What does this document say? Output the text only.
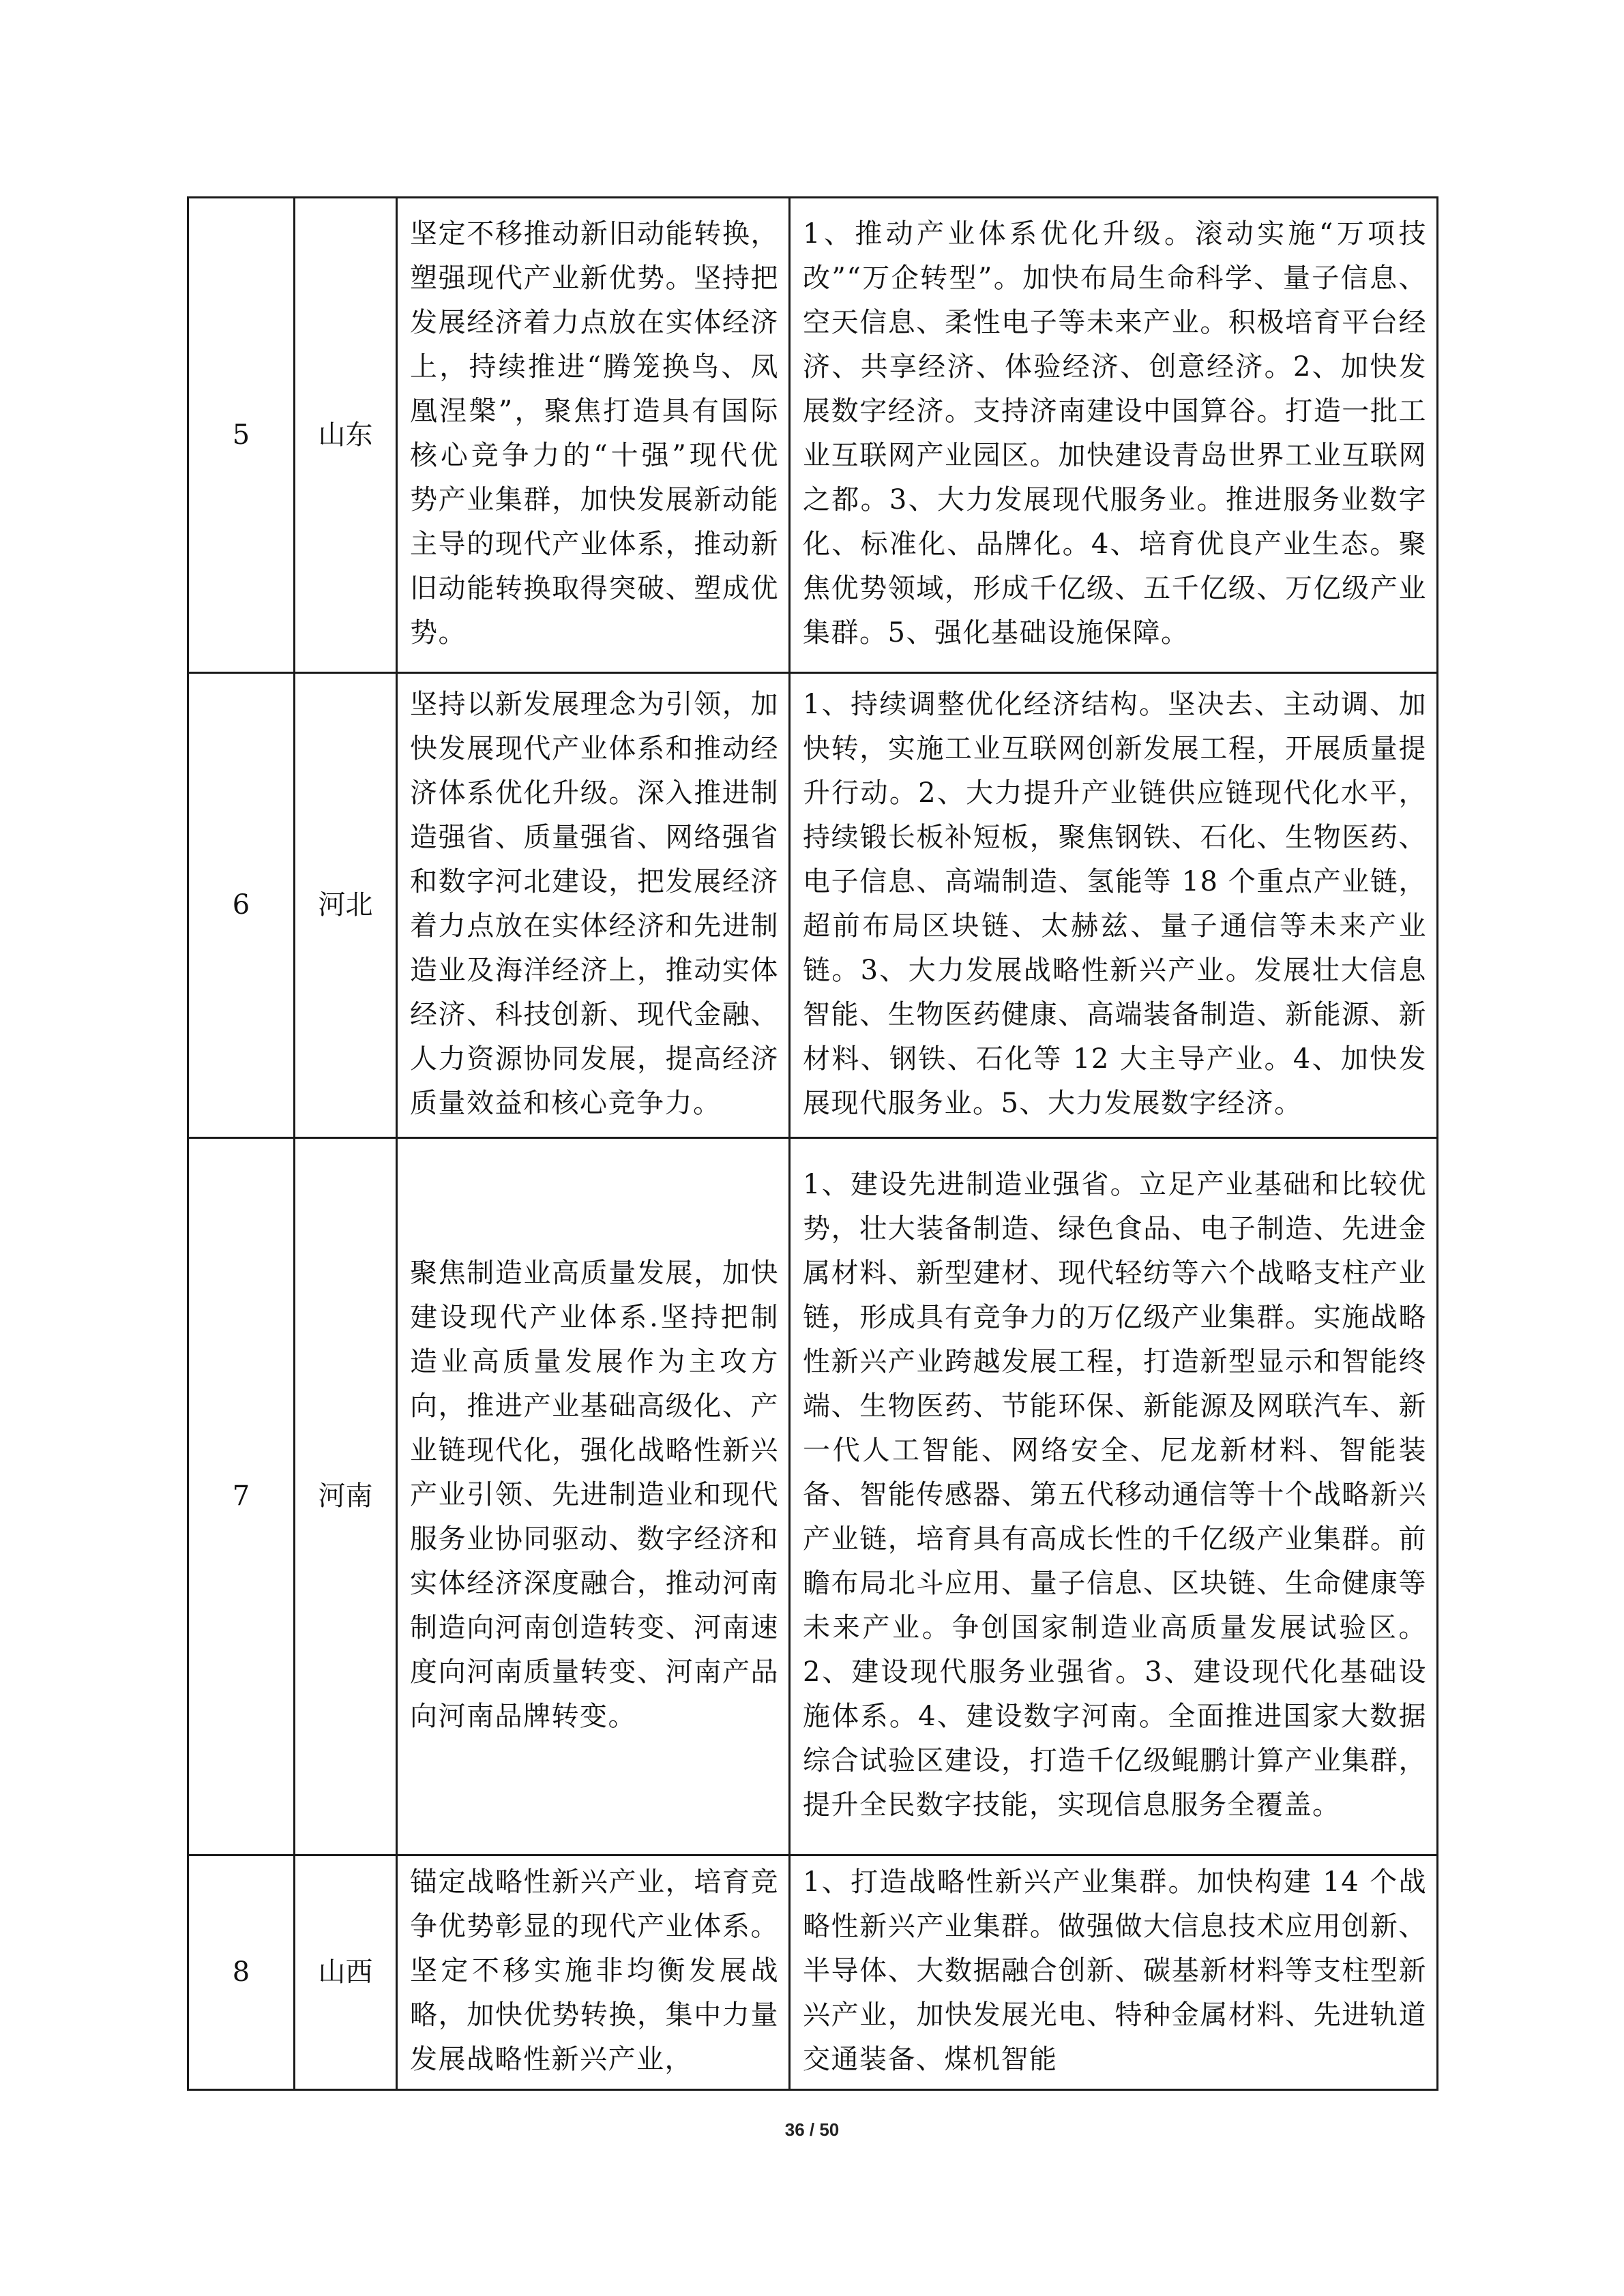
5	山东	坚定不移推动新旧动能转换，塑强现代产业新优势。坚持把发展经济着力点放在实体经济上，持续推进“腾笼换鸟、凤凰涅槃”，聚焦打造具有国际核心竞争力的“十强”现代优势产业集群，加快发展新动能主导的现代产业体系，推动新旧动能转换取得突破、塑成优势。	1、推动产业体系优化升级。滚动实施“万项技改”“万企转型”。加快布局生命科学、量子信息、空天信息、柔性电子等未来产业。积极培育平台经济、共享经济、体验经济、创意经济。2、加快发展数字经济。支持济南建设中国算谷。打造一批工业互联网产业园区。加快建设青岛世界工业互联网之都。3、大力发展现代服务业。推进服务业数字化、标准化、品牌化。4、培育优良产业生态。聚焦优势领域，形成千亿级、五千亿级、万亿级产业集群。5、强化基础设施保障。
6	河北	坚持以新发展理念为引领，加快发展现代产业体系和推动经济体系优化升级。深入推进制造强省、质量强省、网络强省和数字河北建设，把发展经济着力点放在实体经济和先进制造业及海洋经济上，推动实体经济、科技创新、现代金融、人力资源协同发展，提高经济质量效益和核心竞争力。	1、持续调整优化经济结构。坚决去、主动调、加快转，实施工业互联网创新发展工程，开展质量提升行动。2、大力提升产业链供应链现代化水平，持续锻长板补短板，聚焦钢铁、石化、生物医药、电子信息、高端制造、氢能等 18 个重点产业链，超前布局区块链、太赫兹、量子通信等未来产业链。3、大力发展战略性新兴产业。发展壮大信息智能、生物医药健康、高端装备制造、新能源、新材料、钢铁、石化等 12 大主导产业。4、加快发展现代服务业。5、大力发展数字经济。
7	河南	聚焦制造业高质量发展，加快建设现代产业体系.坚持把制造业高质量发展作为主攻方向，推进产业基础高级化、产业链现代化，强化战略性新兴产业引领、先进制造业和现代服务业协同驱动、数字经济和实体经济深度融合，推动河南制造向河南创造转变、河南速度向河南质量转变、河南产品向河南品牌转变。	1、建设先进制造业强省。立足产业基础和比较优势，壮大装备制造、绿色食品、电子制造、先进金属材料、新型建材、现代轻纺等六个战略支柱产业链，形成具有竞争力的万亿级产业集群。实施战略性新兴产业跨越发展工程，打造新型显示和智能终端、生物医药、节能环保、新能源及网联汽车、新一代人工智能、网络安全、尼龙新材料、智能装备、智能传感器、第五代移动通信等十个战略新兴产业链，培育具有高成长性的千亿级产业集群。前瞻布局北斗应用、量子信息、区块链、生命健康等未来产业。争创国家制造业高质量发展试验区。2、建设现代服务业强省。3、建设现代化基础设施体系。4、建设数字河南。全面推进国家大数据综合试验区建设，打造千亿级鲲鹏计算产业集群，提升全民数字技能，实现信息服务全覆盖。
8	山西	锚定战略性新兴产业，培育竞争优势彰显的现代产业体系。坚定不移实施非均衡发展战略，加快优势转换，集中力量发展战略性新兴产业，	1、打造战略性新兴产业集群。加快构建 14 个战略性新兴产业集群。做强做大信息技术应用创新、半导体、大数据融合创新、碳基新材料等支柱型新兴产业，加快发展光电、特种金属材料、先进轨道交通装备、煤机智能
36 / 50
